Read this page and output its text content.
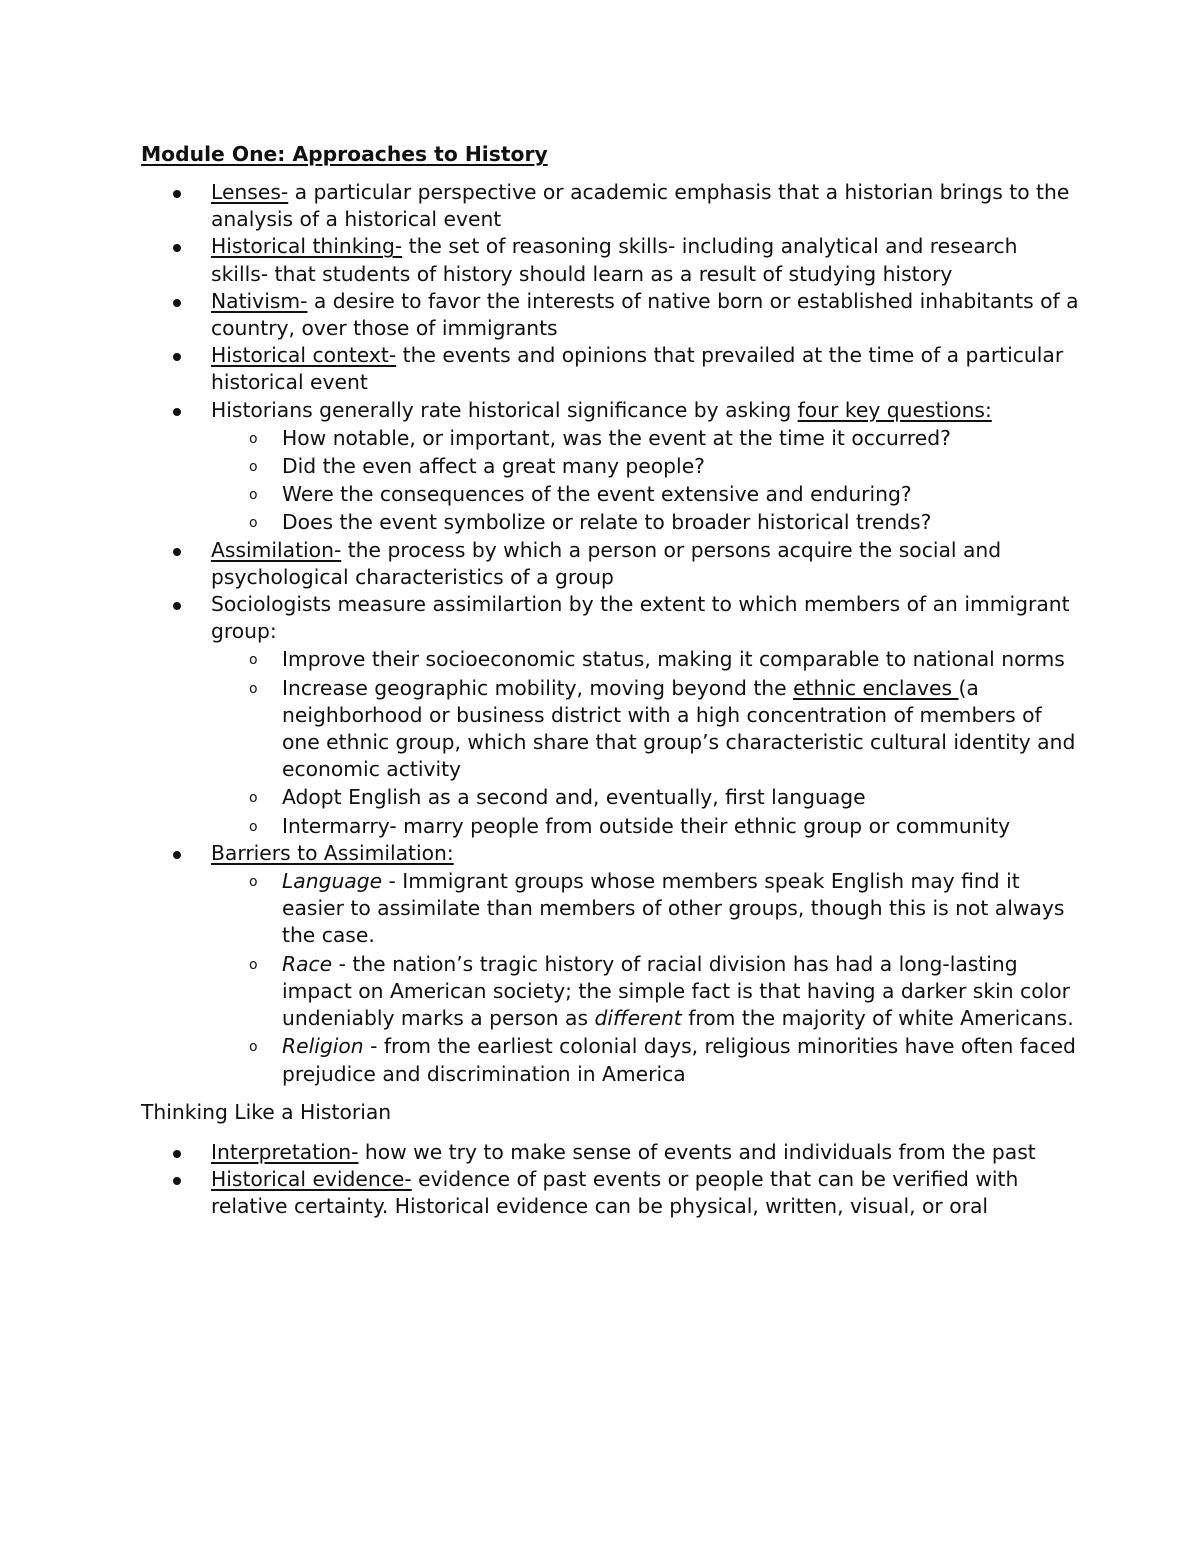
Module One: Approaches to History
Lenses- a particular perspective or academic emphasis that a historian brings to the analysis of a historical event
Historical thinking- the set of reasoning skills- including analytical and research skills- that students of history should learn as a result of studying history
Nativism- a desire to favor the interests of native born or established inhabitants of a country, over those of immigrants
Historical context- the events and opinions that prevailed at the time of a particular historical event
Historians generally rate historical significance by asking four key questions:
o How notable, or important, was the event at the time it occurred?
o Did the even affect a great many people?
o Were the consequences of the event extensive and enduring?
o Does the event symbolize or relate to broader historical trends?
Assimilation- the process by which a person or persons acquire the social and psychological characteristics of a group
Sociologists measure assimilartion by the extent to which members of an immigrant group:
o Improve their socioeconomic status, making it comparable to national norms
o Increase geographic mobility, moving beyond the ethnic enclaves (a neighborhood or business district with a high concentration of members of one ethnic group, which share that group’s characteristic cultural identity and economic activity
o Adopt English as a second and, eventually, first language
o Intermarry- marry people from outside their ethnic group or community
Barriers to Assimilation:
o Language - Immigrant groups whose members speak English may find it easier to assimilate than members of other groups, though this is not always the case.
o Race - the nation’s tragic history of racial division has had a long-lasting impact on American society; the simple fact is that having a darker skin color undeniably marks a person as different from the majority of white Americans.
o Religion - from the earliest colonial days, religious minorities have often faced prejudice and discrimination in America
Thinking Like a Historian
Interpretation- how we try to make sense of events and individuals from the past
Historical evidence- evidence of past events or people that can be verified with relative certainty. Historical evidence can be physical, written, visual, or oral
